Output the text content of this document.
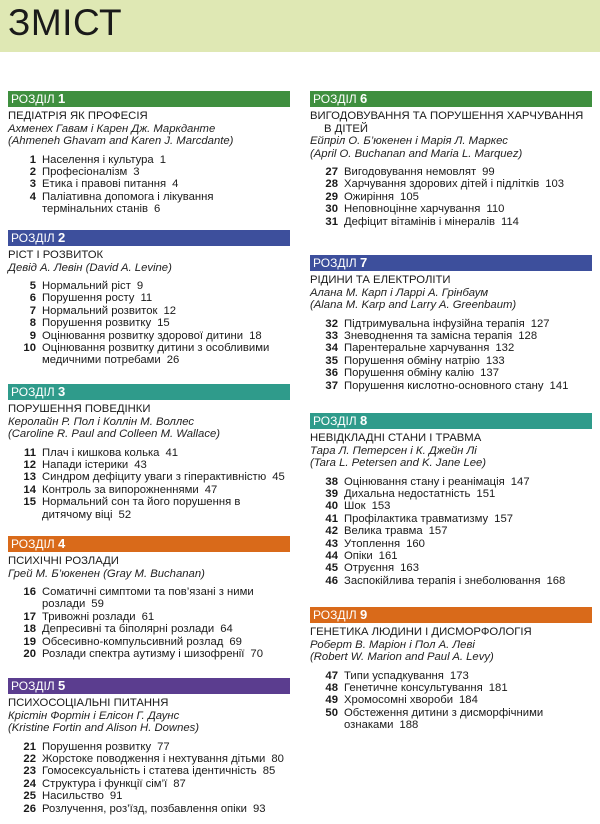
ЗМІСТ
РОЗДІЛ 1
ПЕДІАТРІЯ ЯК ПРОФЕСІЯ
Ахменех Гавам і Карен Дж. Маркданте
(Ahmeneh Ghavam and Karen J. Marcdante)
1 Населення і культура 1
2 Професіоналізм 3
3 Етика і правові питання 4
4 Паліативна допомога і лікування
термінальних станів 6
РОЗДІЛ 2
РІСТ І РОЗВИТОК
Девід А. Левін (David A. Levine)
5 Нормальний ріст 9
6 Порушення росту 11
7 Нормальний розвиток 12
8 Порушення розвитку 15
9 Оцінювання розвитку здорової дитини 18
10 Оцінювання розвитку дитини з особливими
медичними потребами 26
РОЗДІЛ 3
ПОРУШЕННЯ ПОВЕДІНКИ
Керолайн Р. Пол і Коллін М. Воллес
(Caroline R. Paul and Colleen M. Wallace)
11 Плач і кишкова колька 41
12 Напади істерики 43
13 Синдром дефіциту уваги з гіперактивністю 45
14 Контроль за випорожненнями 47
15 Нормальний сон та його порушення в
дитячому віці 52
РОЗДІЛ 4
ПСИХІЧНІ РОЗЛАДИ
Грей М. Б’юкенен (Gray M. Buchanan)
16 Соматичні симптоми та пов’язані з ними
розлади 59
17 Тривожні розлади 61
18 Депресивні та біполярні розлади 64
19 Обсесивно-компульсивний розлад 69
20 Розлади спектра аутизму і шизофренії 70
РОЗДІЛ 5
ПСИХОСОЦІАЛЬНІ ПИТАННЯ
Крістін Фортін і Елісон Г. Даунс
(Kristine Fortin and Alison H. Downes)
21 Порушення розвитку 77
22 Жорстоке поводження і нехтування дітьми 80
23 Гомосексуальність і статева ідентичність 85
24 Структура і функції сім’ї 87
25 Насильство 91
26 Розлучення, роз’їзд, позбавлення опіки 93
РОЗДІЛ 6
ВИГОДОВУВАННЯ ТА ПОРУШЕННЯ ХАРЧУВАННЯ
В ДІТЕЙ
Ейпріл О. Б’юкенен і Марія Л. Маркес
(April O. Buchanan and Maria L. Marquez)
27 Вигодовування немовлят 99
28 Харчування здорових дітей і підлітків 103
29 Ожиріння 105
30 Неповноцінне харчування 110
31 Дефіцит вітамінів і мінералів 114
РОЗДІЛ 7
РІДИНИ ТА ЕЛЕКТРОЛІТИ
Алана М. Карп і Ларрі А. Грінбаум
(Alana M. Karp and Larry A. Greenbaum)
32 Підтримувальна інфузійна терапія 127
33 Зневоднення та замісна терапія 128
34 Парентеральне харчування 132
35 Порушення обміну натрію 133
36 Порушення обміну калію 137
37 Порушення кислотно-основного стану 141
РОЗДІЛ 8
НЕВІДКЛАДНІ СТАНИ І ТРАВМА
Тара Л. Петерсен і К. Джейн Лі
(Tara L. Petersen and K. Jane Lee)
38 Оцінювання стану і реанімація 147
39 Дихальна недостатність 151
40 Шок 153
41 Профілактика травматизму 157
42 Велика травма 157
43 Утоплення 160
44 Опіки 161
45 Отруєння 163
46 Заспокійлива терапія і знеболювання 168
РОЗДІЛ 9
ГЕНЕТИКА ЛЮДИНИ І ДИСМОРФОЛОГІЯ
Роберт В. Маріон і Пол А. Леві
(Robert W. Marion and Paul A. Levy)
47 Типи успадкування 173
48 Генетичне консультування 181
49 Хромосомні хвороби 184
50 Обстеження дитини з дисморфічними
ознаками 188
